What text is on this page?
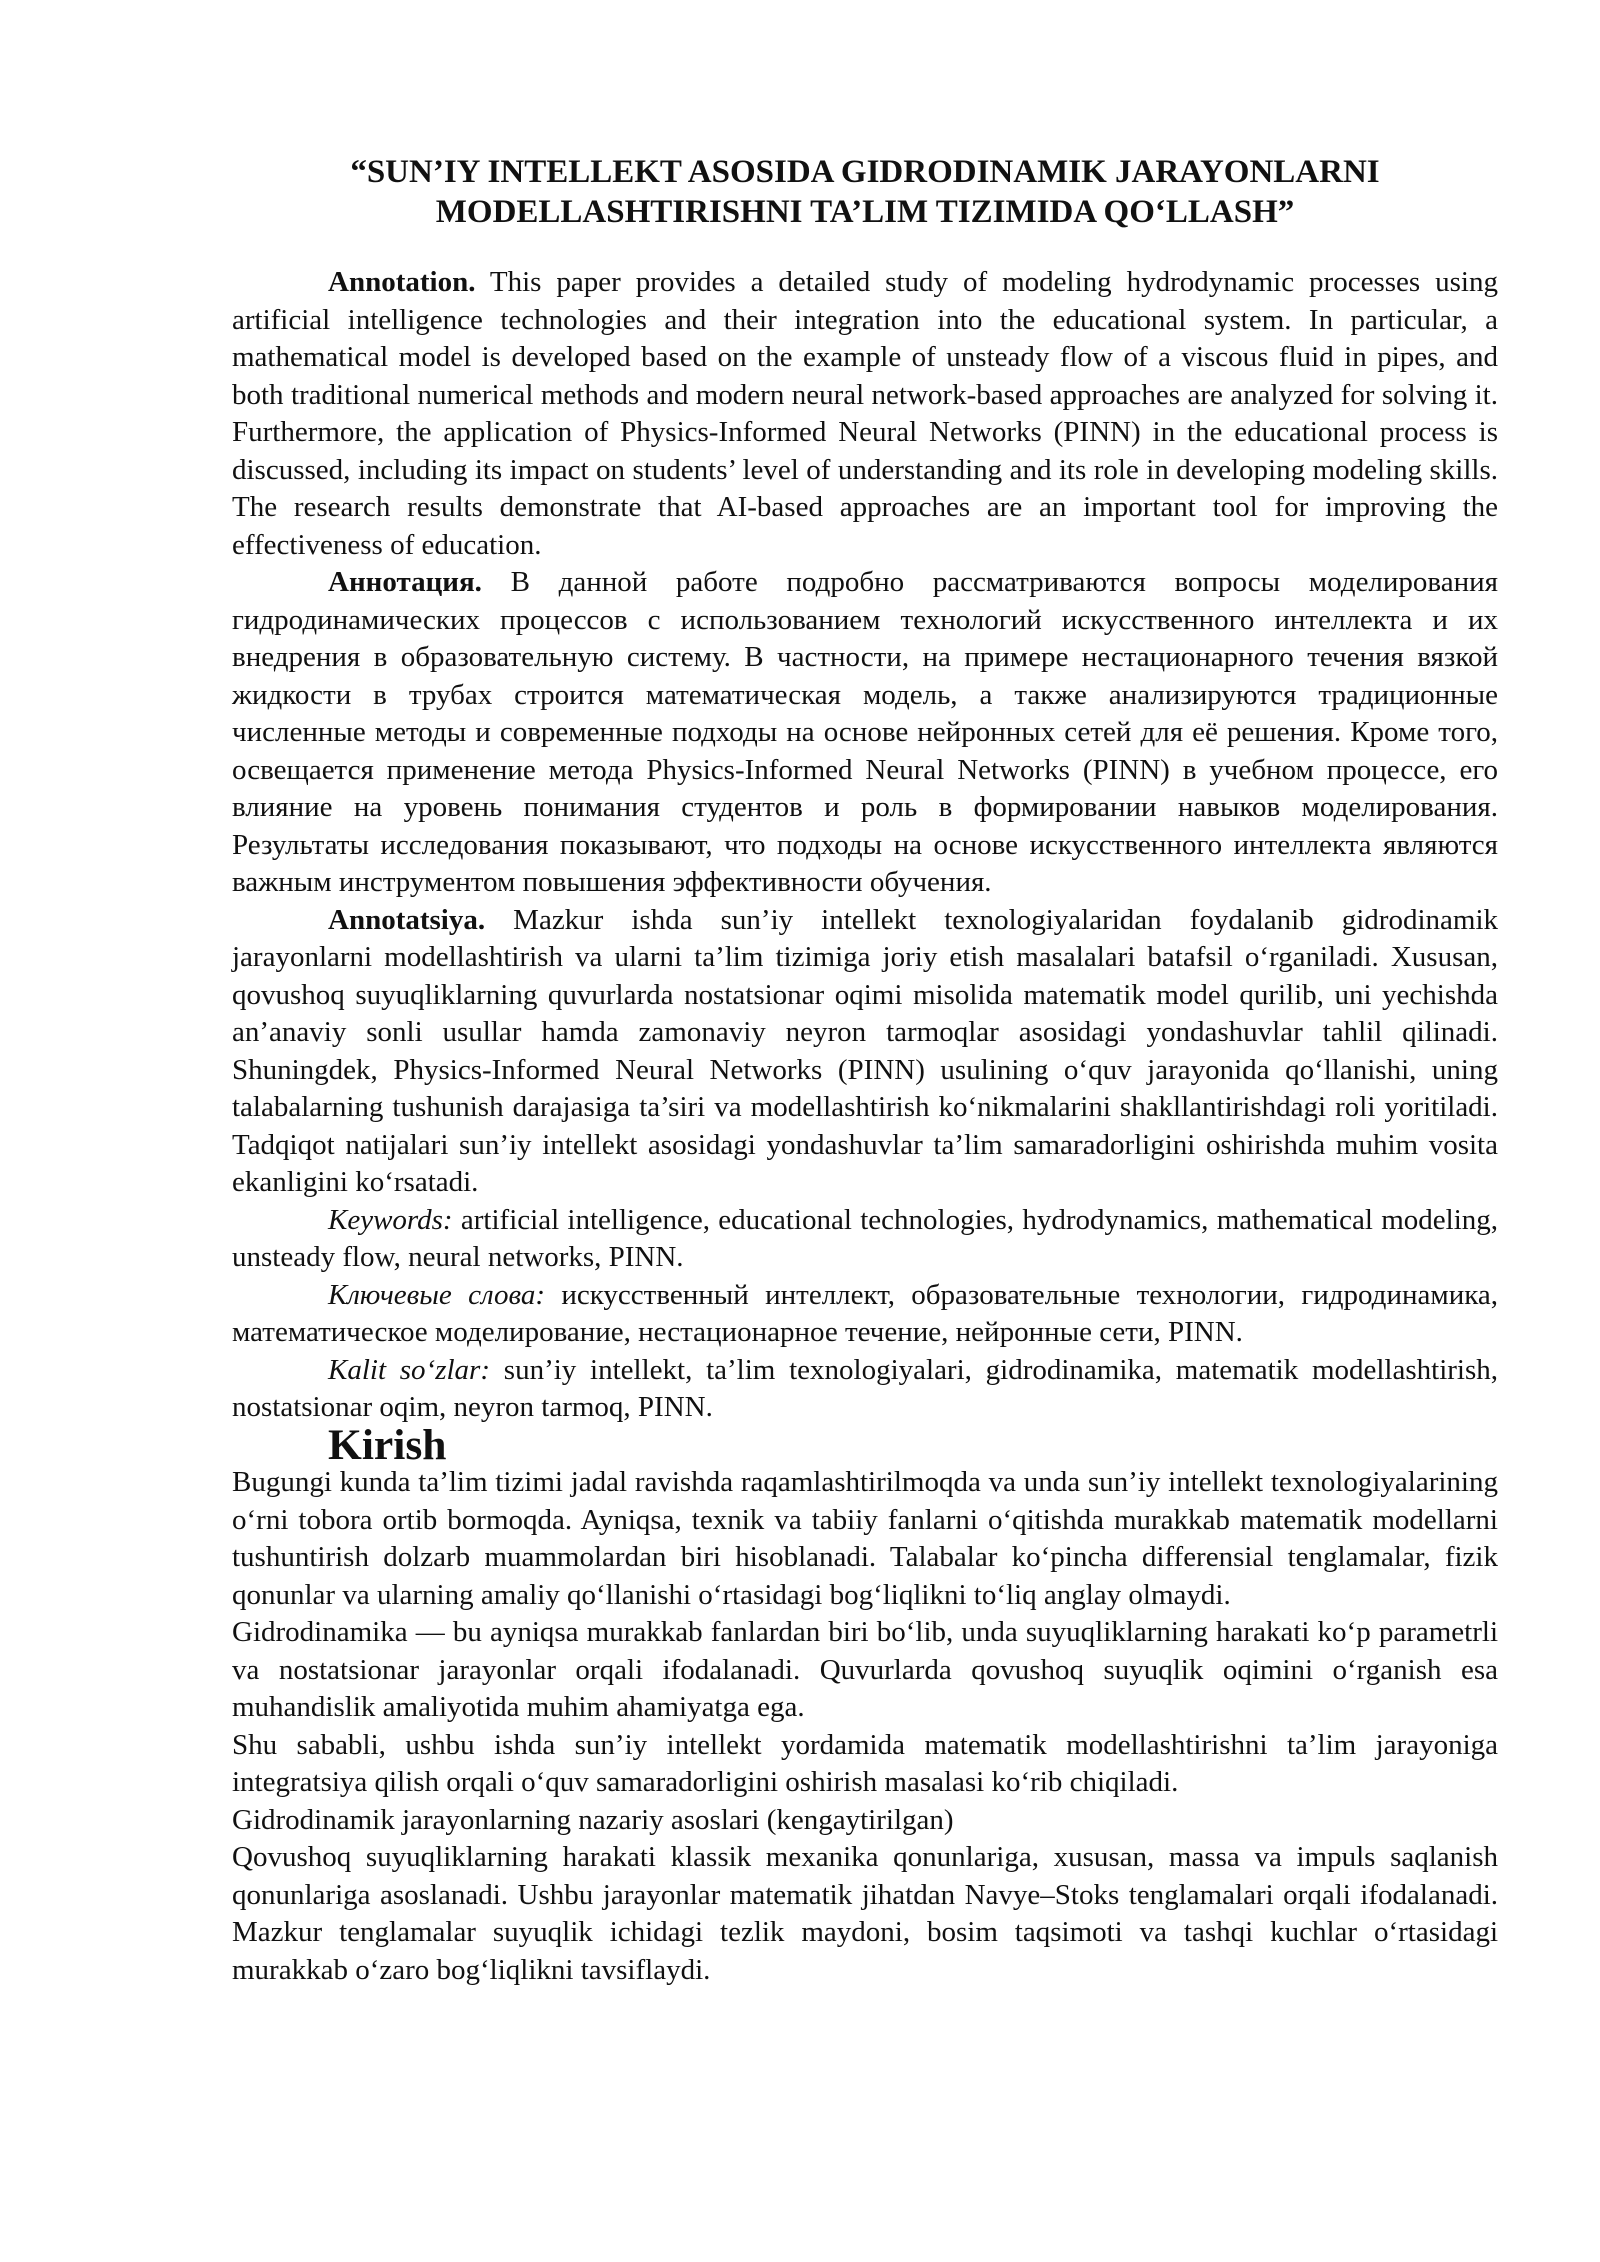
“SUN’IY INTELLEKT ASOSIDA GIDRODINAMIK JARAYONLARNI
MODELLASHTIRISHNI TA’LIM TIZIMIDA QO‘LLASH”

Annotation. This paper provides a detailed study of modeling hydrodynamic processes using artificial intelligence technologies and their integration into the educational system. In particular, a mathematical model is developed based on the example of unsteady flow of a viscous fluid in pipes, and both traditional numerical methods and modern neural network-based approaches are analyzed for solving it. Furthermore, the application of Physics-Informed Neural Networks (PINN) in the educational process is discussed, including its impact on students’ level of understanding and its role in developing modeling skills. The research results demonstrate that AI-based approaches are an important tool for improving the effectiveness of education.

Аннотация. В данной работе подробно рассматриваются вопросы моделирования гидродинамических процессов с использованием технологий искусственного интеллекта и их внедрения в образовательную систему. В частности, на примере нестационарного течения вязкой жидкости в трубах строится математическая модель, а также анализируются традиционные численные методы и современные подходы на основе нейронных сетей для её решения. Кроме того, освещается применение метода Physics-Informed Neural Networks (PINN) в учебном процессе, его влияние на уровень понимания студентов и роль в формировании навыков моделирования. Результаты исследования показывают, что подходы на основе искусственного интеллекта являются важным инструментом повышения эффективности обучения.

Annotatsiya. Mazkur ishda sun’iy intellekt texnologiyalaridan foydalanib gidrodinamik jarayonlarni modellashtirish va ularni ta’lim tizimiga joriy etish masalalari batafsil o‘rganiladi. Xususan, qovushoq suyuqliklarning quvurlarda nostatsionar oqimi misolida matematik model qurilib, uni yechishda an’anaviy sonli usullar hamda zamonaviy neyron tarmoqlar asosidagi yondashuvlar tahlil qilinadi. Shuningdek, Physics-Informed Neural Networks (PINN) usulining o‘quv jarayonida qo‘llanishi, uning talabalarning tushunish darajasiga ta’siri va modellashtirish ko‘nikmalarini shakllantirishdagi roli yoritiladi. Tadqiqot natijalari sun’iy intellekt asosidagi yondashuvlar ta’lim samaradorligini oshirishda muhim vosita ekanligini ko‘rsatadi.

Keywords: artificial intelligence, educational technologies, hydrodynamics, mathematical modeling, unsteady flow, neural networks, PINN.

Ключевые слова: искусственный интеллект, образовательные технологии, гидродинамика, математическое моделирование, нестационарное течение, нейронные сети, PINN.

Kalit so‘zlar: sun’iy intellekt, ta’lim texnologiyalari, gidrodinamika, matematik modellashtirish, nostatsionar oqim, neyron tarmoq, PINN.

Kirish

Bugungi kunda ta’lim tizimi jadal ravishda raqamlashtirilmoqda va unda sun’iy intellekt texnologiyalarining o‘rni tobora ortib bormoqda. Ayniqsa, texnik va tabiiy fanlarni o‘qitishda murakkab matematik modellarni tushuntirish dolzarb muammolardan biri hisoblanadi. Talabalar ko‘pincha differensial tenglamalar, fizik qonunlar va ularning amaliy qo‘llanishi o‘rtasidagi bog‘liqlikni to‘liq anglay olmaydi.

Gidrodinamika — bu ayniqsa murakkab fanlardan biri bo‘lib, unda suyuqliklarning harakati ko‘p parametrli va nostatsionar jarayonlar orqali ifodalanadi. Quvurlarda qovushoq suyuqlik oqimini o‘rganish esa muhandislik amaliyotida muhim ahamiyatga ega.

Shu sababli, ushbu ishda sun’iy intellekt yordamida matematik modellashtirishni ta’lim jarayoniga integratsiya qilish orqali o‘quv samaradorligini oshirish masalasi ko‘rib chiqiladi.

Gidrodinamik jarayonlarning nazariy asoslari (kengaytirilgan)

Qovushoq suyuqliklarning harakati klassik mexanika qonunlariga, xususan, massa va impuls saqlanish qonunlariga asoslanadi. Ushbu jarayonlar matematik jihatdan Navye–Stoks tenglamalari orqali ifodalanadi. Mazkur tenglamalar suyuqlik ichidagi tezlik maydoni, bosim taqsimoti va tashqi kuchlar o‘rtasidagi murakkab o‘zaro bog‘liqlikni tavsiflaydi.
